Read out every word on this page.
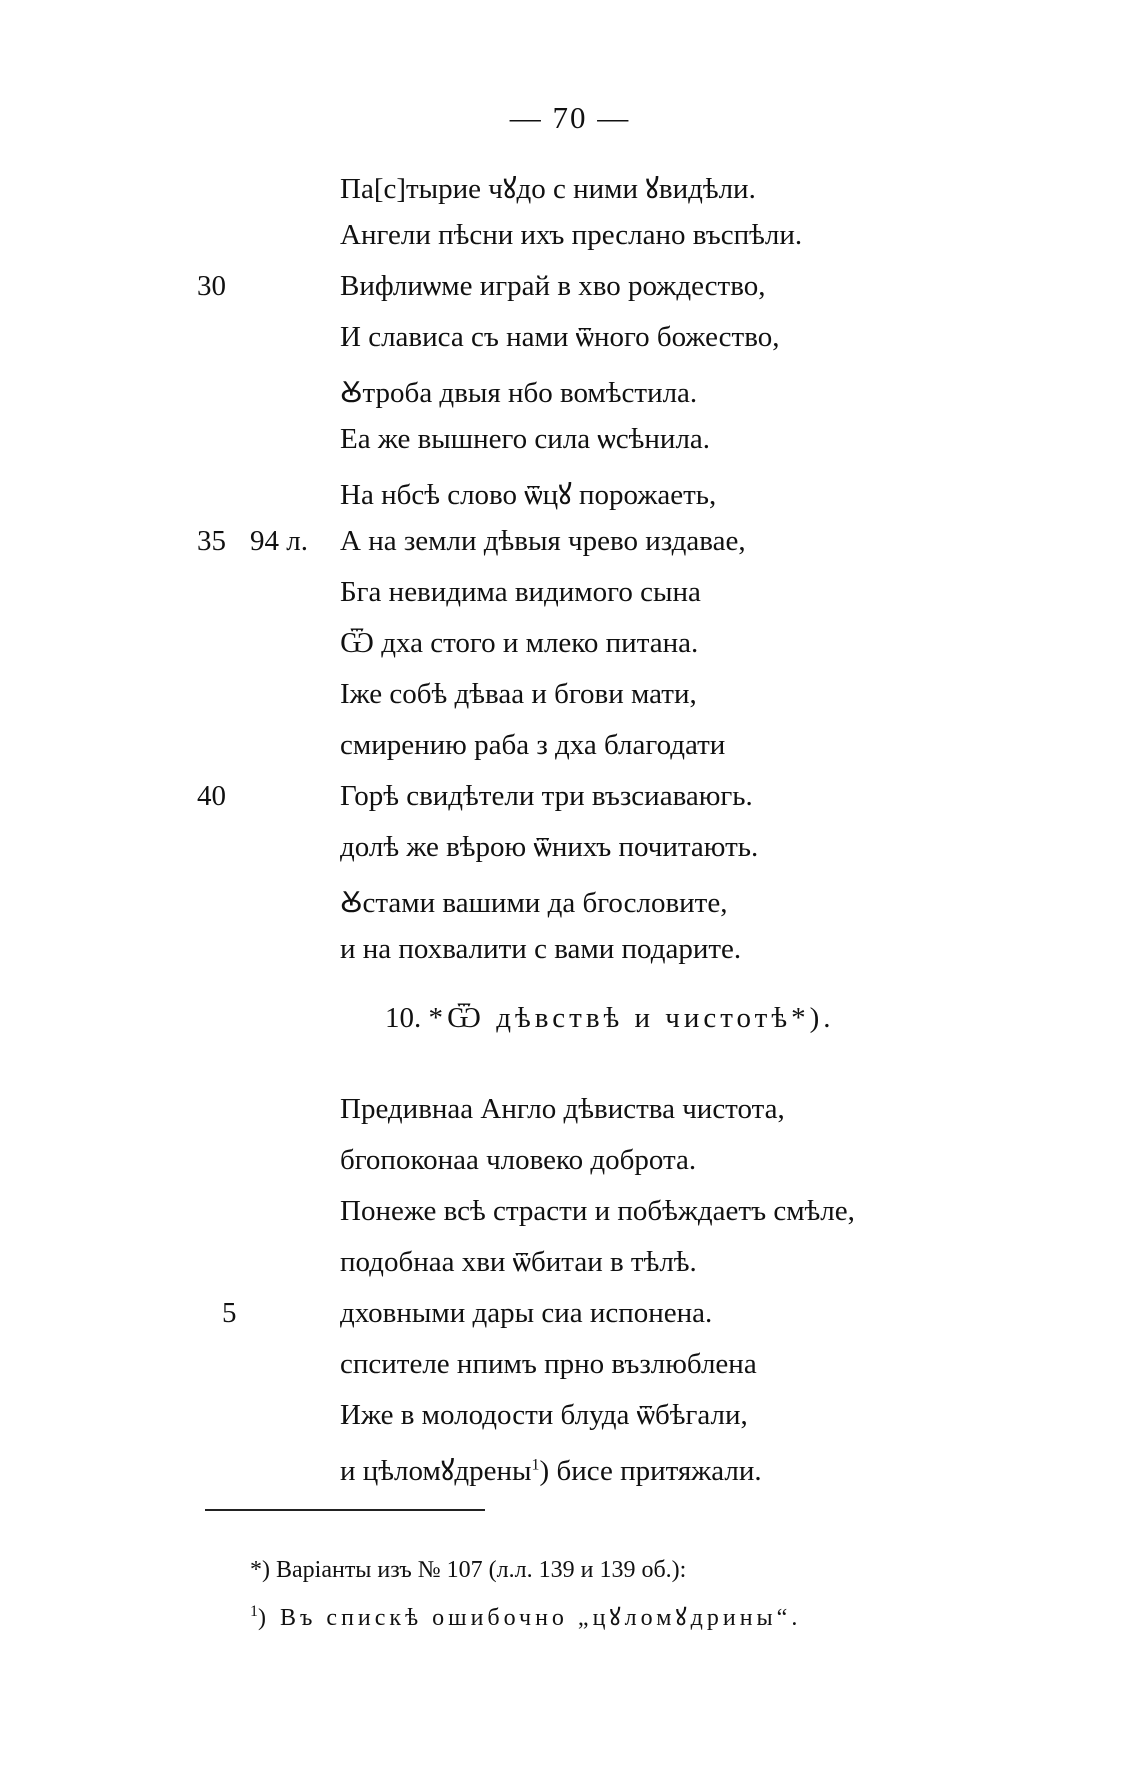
— 70 —
Па[с]тырие чꙋдо с ними ꙋвидѣли.
Ангели пѣсни ихъ преслано въспѣли.
30	Вифлиѡме играй в хво рождество,
И слависа съ нами ѿного божество,
Ꙋтроба двыя нбо вомѣстила.
Еа же вышнего сила ѡсѣнила.
На нбсѣ слово ѿцꙋ порожаеть,
35 94 л. А на земли дѣвыя чрево издавае,
Бга невидима видимого сына
Ѿ дха стого и млеко питана.
Іже собѣ дѣваа и бгови мати,
смирению раба з дха благодати
40	Горѣ свидѣтели три възсиаваюгь.
долѣ же вѣрою ѿнихъ почитають.
Ꙋстами вашими да бгословите,
и на похвалити с вами подарите.
10. *Ѿ дѣвствѣ и чистотѣ*).
Предивнаа Англо дѣвиства чистота,
бгопоконаа чловеко доброта.
Понеже всѣ страсти и побѣждаетъ смѣле,
подобнаа хви ѿбитаи в тѣлѣ.
5	дховными дары сиа испонена.
спсителе нпимъ прно възлюблена
Иже в молодости блуда ѿбѣгали,
и цѣломꙋдрены$^1$) бисе притяжали.
*) Варіанты изъ № 107 (л.л. 139 и 139 об.):
$^1$) Въ спискѣ ошибочно „цꙋломꙋдрины“.
